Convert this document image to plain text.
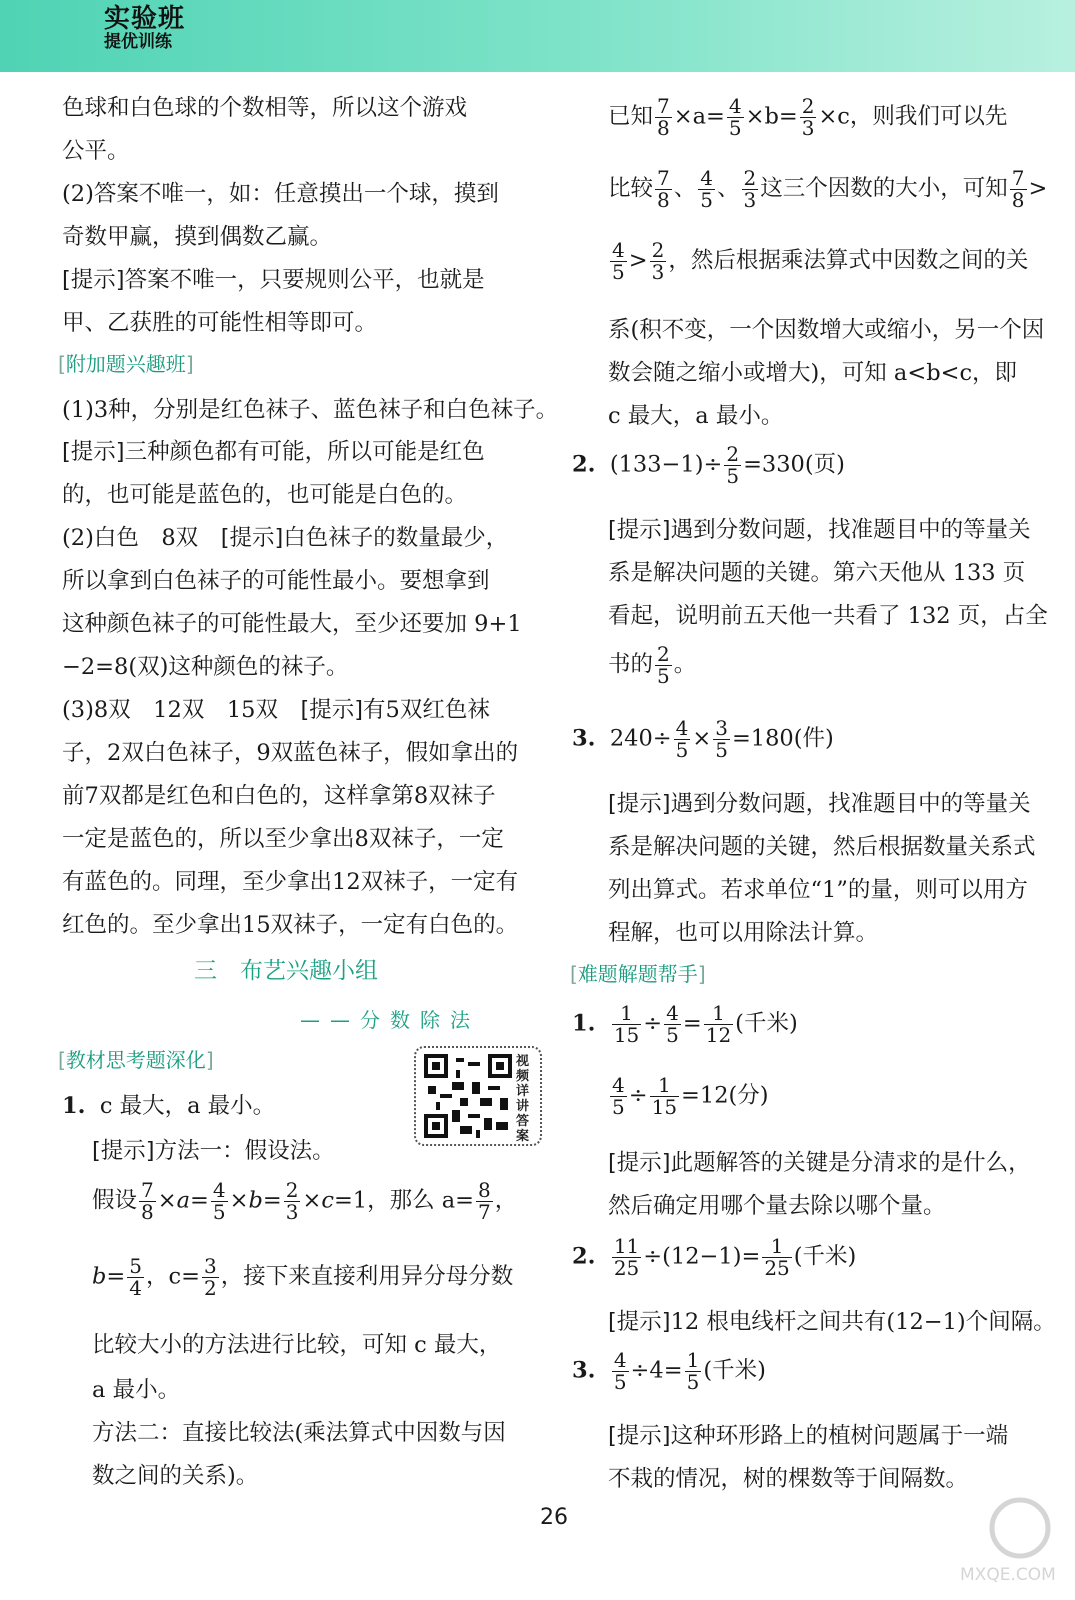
实验班
提优训练
色球和白色球的个数相等，所以这个游戏
公平。
(2)答案不唯一，如：任意摸出一个球，摸到
奇数甲赢，摸到偶数乙赢。
[提示]答案不唯一，只要规则公平，也就是
甲、乙获胜的可能性相等即可。
[附加题兴趣班]
(1)3种，分别是红色袜子、蓝色袜子和白色袜子。
[提示]三种颜色都有可能，所以可能是红色
的，也可能是蓝色的，也可能是白色的。
(2)白色　8双　[提示]白色袜子的数量最少，
所以拿到白色袜子的可能性最小。要想拿到
这种颜色袜子的可能性最大，至少还要加 9+1
−2=8(双)这种颜色的袜子。
(3)8双　12双　15双　[提示]有5双红色袜
子，2双白色袜子，9双蓝色袜子，假如拿出的
前7双都是红色和白色的，这样拿第8双袜子
一定是蓝色的，所以至少拿出8双袜子，一定
有蓝色的。同理，至少拿出12双袜子，一定有
红色的。至少拿出15双袜子，一定有白色的。
三　布艺兴趣小组
——分数除法
[教材思考题深化]
1. c 最大，a 最小。
[提示]方法一：假设法。
假设 $\frac{7}{8} \times a= \frac{4}{5} \times b= \frac{2}{3} \times c=1$，那么 $a= \frac{8}{7}$ ，
$b= \frac{5}{4}$ ，$c= \frac{3}{2}$ ，接下来直接利用异分母分数
比较大小的方法进行比较，可知 c 最大，
a 最小。
方法二：直接比较法(乘法算式中因数与因
数之间的关系)。
视频详讲答案
已知 $\frac{7}{8} \times a= \frac{4}{5} \times b= \frac{2}{3} \times c$，则我们可以先
比较 $\frac{7}{8}$ 、 $\frac{4}{5}$ 、 $\frac{2}{3}$ 这三个因数的大小，可知 $\frac{7}{8}$ >
$\frac{4}{5} > \frac{2}{3}$ ，然后根据乘法算式中因数之间的关
系(积不变，一个因数增大或缩小，另一个因
数会随之缩小或增大)，可知 a<b<c，即
c 最大，a 最小。
2. $(133-1)\div \frac{2}{5} =330$(页)
[提示]遇到分数问题，找准题目中的等量关
系是解决问题的关键。第六天他从 133 页
看起，说明前五天他一共看了 132 页，占全
书的 $\frac{2}{5}$ 。
3. $240\div \frac{4}{5} \times \frac{3}{5} =180$(件)
[提示]遇到分数问题，找准题目中的等量关
系是解决问题的关键，然后根据数量关系式
列出算式。若求单位“1”的量，则可以用方
程解，也可以用除法计算。
[难题解题帮手]
1. $\frac{1}{15} \div \frac{4}{5} = \frac{1}{12}$ (千米)
$\frac{4}{5} \div \frac{1}{15} =12$(分)
[提示]此题解答的关键是分清求的是什么，
然后确定用哪个量去除以哪个量。
2. $\frac{11}{25} \div(12-1)= \frac{1}{25}$ (千米)
[提示]12 根电线杆之间共有(12−1)个间隔。
3. $\frac{4}{5} \div 4= \frac{1}{5}$ (千米)
[提示]这种环形路上的植树问题属于一端
不栽的情况，树的棵数等于间隔数。
26
MXQE.COM
